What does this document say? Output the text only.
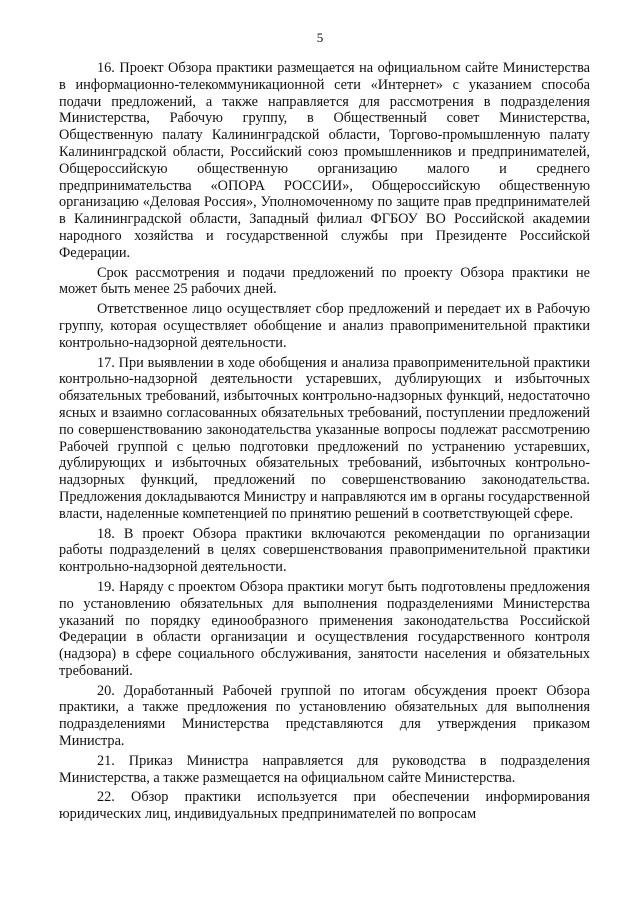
5

16. Проект Обзора практики размещается на официальном сайте Министерства в информационно-телекоммуникационной сети «Интернет» с указанием способа подачи предложений, а также направляется для рассмотрения в подразделения Министерства, Рабочую группу, в Общественный совет Министерства, Общественную палату Калининградской области, Торгово-промышленную палату Калининградской области, Российский союз промышленников и предпринимателей, Общероссийскую общественную организацию малого и среднего предпринимательства «ОПОРА РОССИИ», Общероссийскую общественную организацию «Деловая Россия», Уполномоченному по защите прав предпринимателей в Калининградской области, Западный филиал ФГБОУ ВО Российской академии народного хозяйства и государственной службы при Президенте Российской Федерации.

Срок рассмотрения и подачи предложений по проекту Обзора практики не может быть менее 25 рабочих дней.

Ответственное лицо осуществляет сбор предложений и передает их в Рабочую группу, которая осуществляет обобщение и анализ правоприменительной практики контрольно-надзорной деятельности.

17. При выявлении в ходе обобщения и анализа правоприменительной практики контрольно-надзорной деятельности устаревших, дублирующих и избыточных обязательных требований, избыточных контрольно-надзорных функций, недостаточно ясных и взаимно согласованных обязательных требований, поступлении предложений по совершенствованию законодательства указанные вопросы подлежат рассмотрению Рабочей группой с целью подготовки предложений по устранению устаревших, дублирующих и избыточных обязательных требований, избыточных контрольно-надзорных функций, предложений по совершенствованию законодательства. Предложения докладываются Министру и направляются им в органы государственной власти, наделенные компетенцией по принятию решений в соответствующей сфере.

18. В проект Обзора практики включаются рекомендации по организации работы подразделений в целях совершенствования правоприменительной практики контрольно-надзорной деятельности.

19. Наряду с проектом Обзора практики могут быть подготовлены предложения по установлению обязательных для выполнения подразделениями Министерства указаний по порядку единообразного применения законодательства Российской Федерации в области организации и осуществления государственного контроля (надзора) в сфере социального обслуживания, занятости населения и обязательных требований.

20. Доработанный Рабочей группой по итогам обсуждения проект Обзора практики, а также предложения по установлению обязательных для выполнения подразделениями Министерства представляются для утверждения приказом Министра.

21. Приказ Министра направляется для руководства в подразделения Министерства, а также размещается на официальном сайте Министерства.

22. Обзор практики используется при обеспечении информирования юридических лиц, индивидуальных предпринимателей по вопросам
